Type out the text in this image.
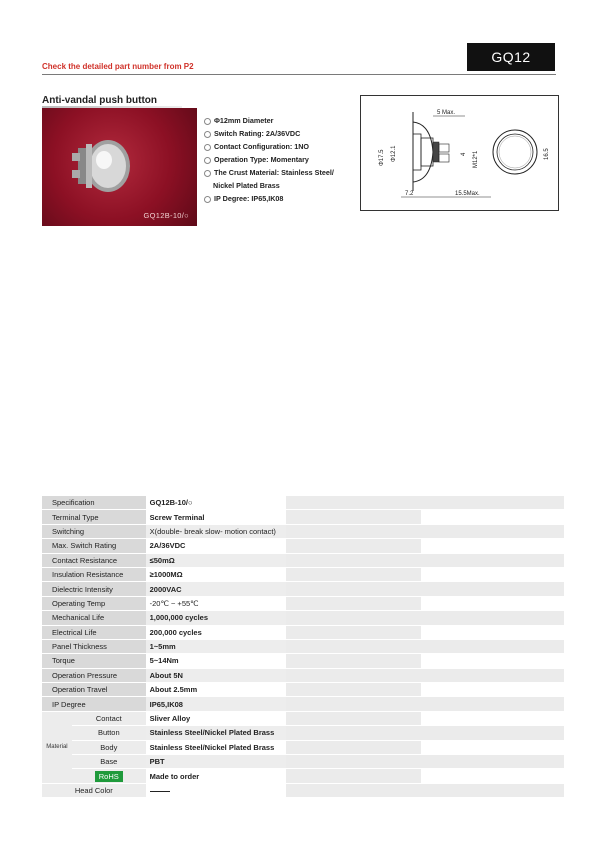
Check the detailed part number from P2
GQ12
Anti-vandal push button
GQ12B-10/○
Φ12mm Diameter
Switch Rating: 2A/36VDC
Contact Configuration: 1NO
Operation Type: Momentary
The Crust Material: Stainless Steel/
Nickel Plated Brass
IP Degree: IP65,IK08
5 Max.
Φ17.5 Φ12.1	4 M12*1
7.2	15.5Max.
16.5
Specification		GQ12B-10/○		
Terminal Type		Screw Terminal		
Switching		X(double- break slow- motion contact)		
Max. Switch Rating		2A/36VDC		
Contact Resistance		≤50mΩ		
Insulation Resistance		≥1000MΩ		
Dielectric Intensity		2000VAC		
Operating Temp		-20℃ ~ +55℃		
Mechanical Life		1,000,000 cycles		
Electrical Life		200,000 cycles		
Panel Thickness		1~5mm		
Torque		5~14Nm		
Operation Pressure		About 5N		
Operation Travel		About 2.5mm		
IP Degree		IP65,IK08		
Material	Contact	Sliver Alloy		
	Button	Stainless Steel/Nickel Plated Brass		
	Body	Stainless Steel/Nickel Plated Brass		
	Base	PBT		
	RoHS	Made to order		
Head Color				
